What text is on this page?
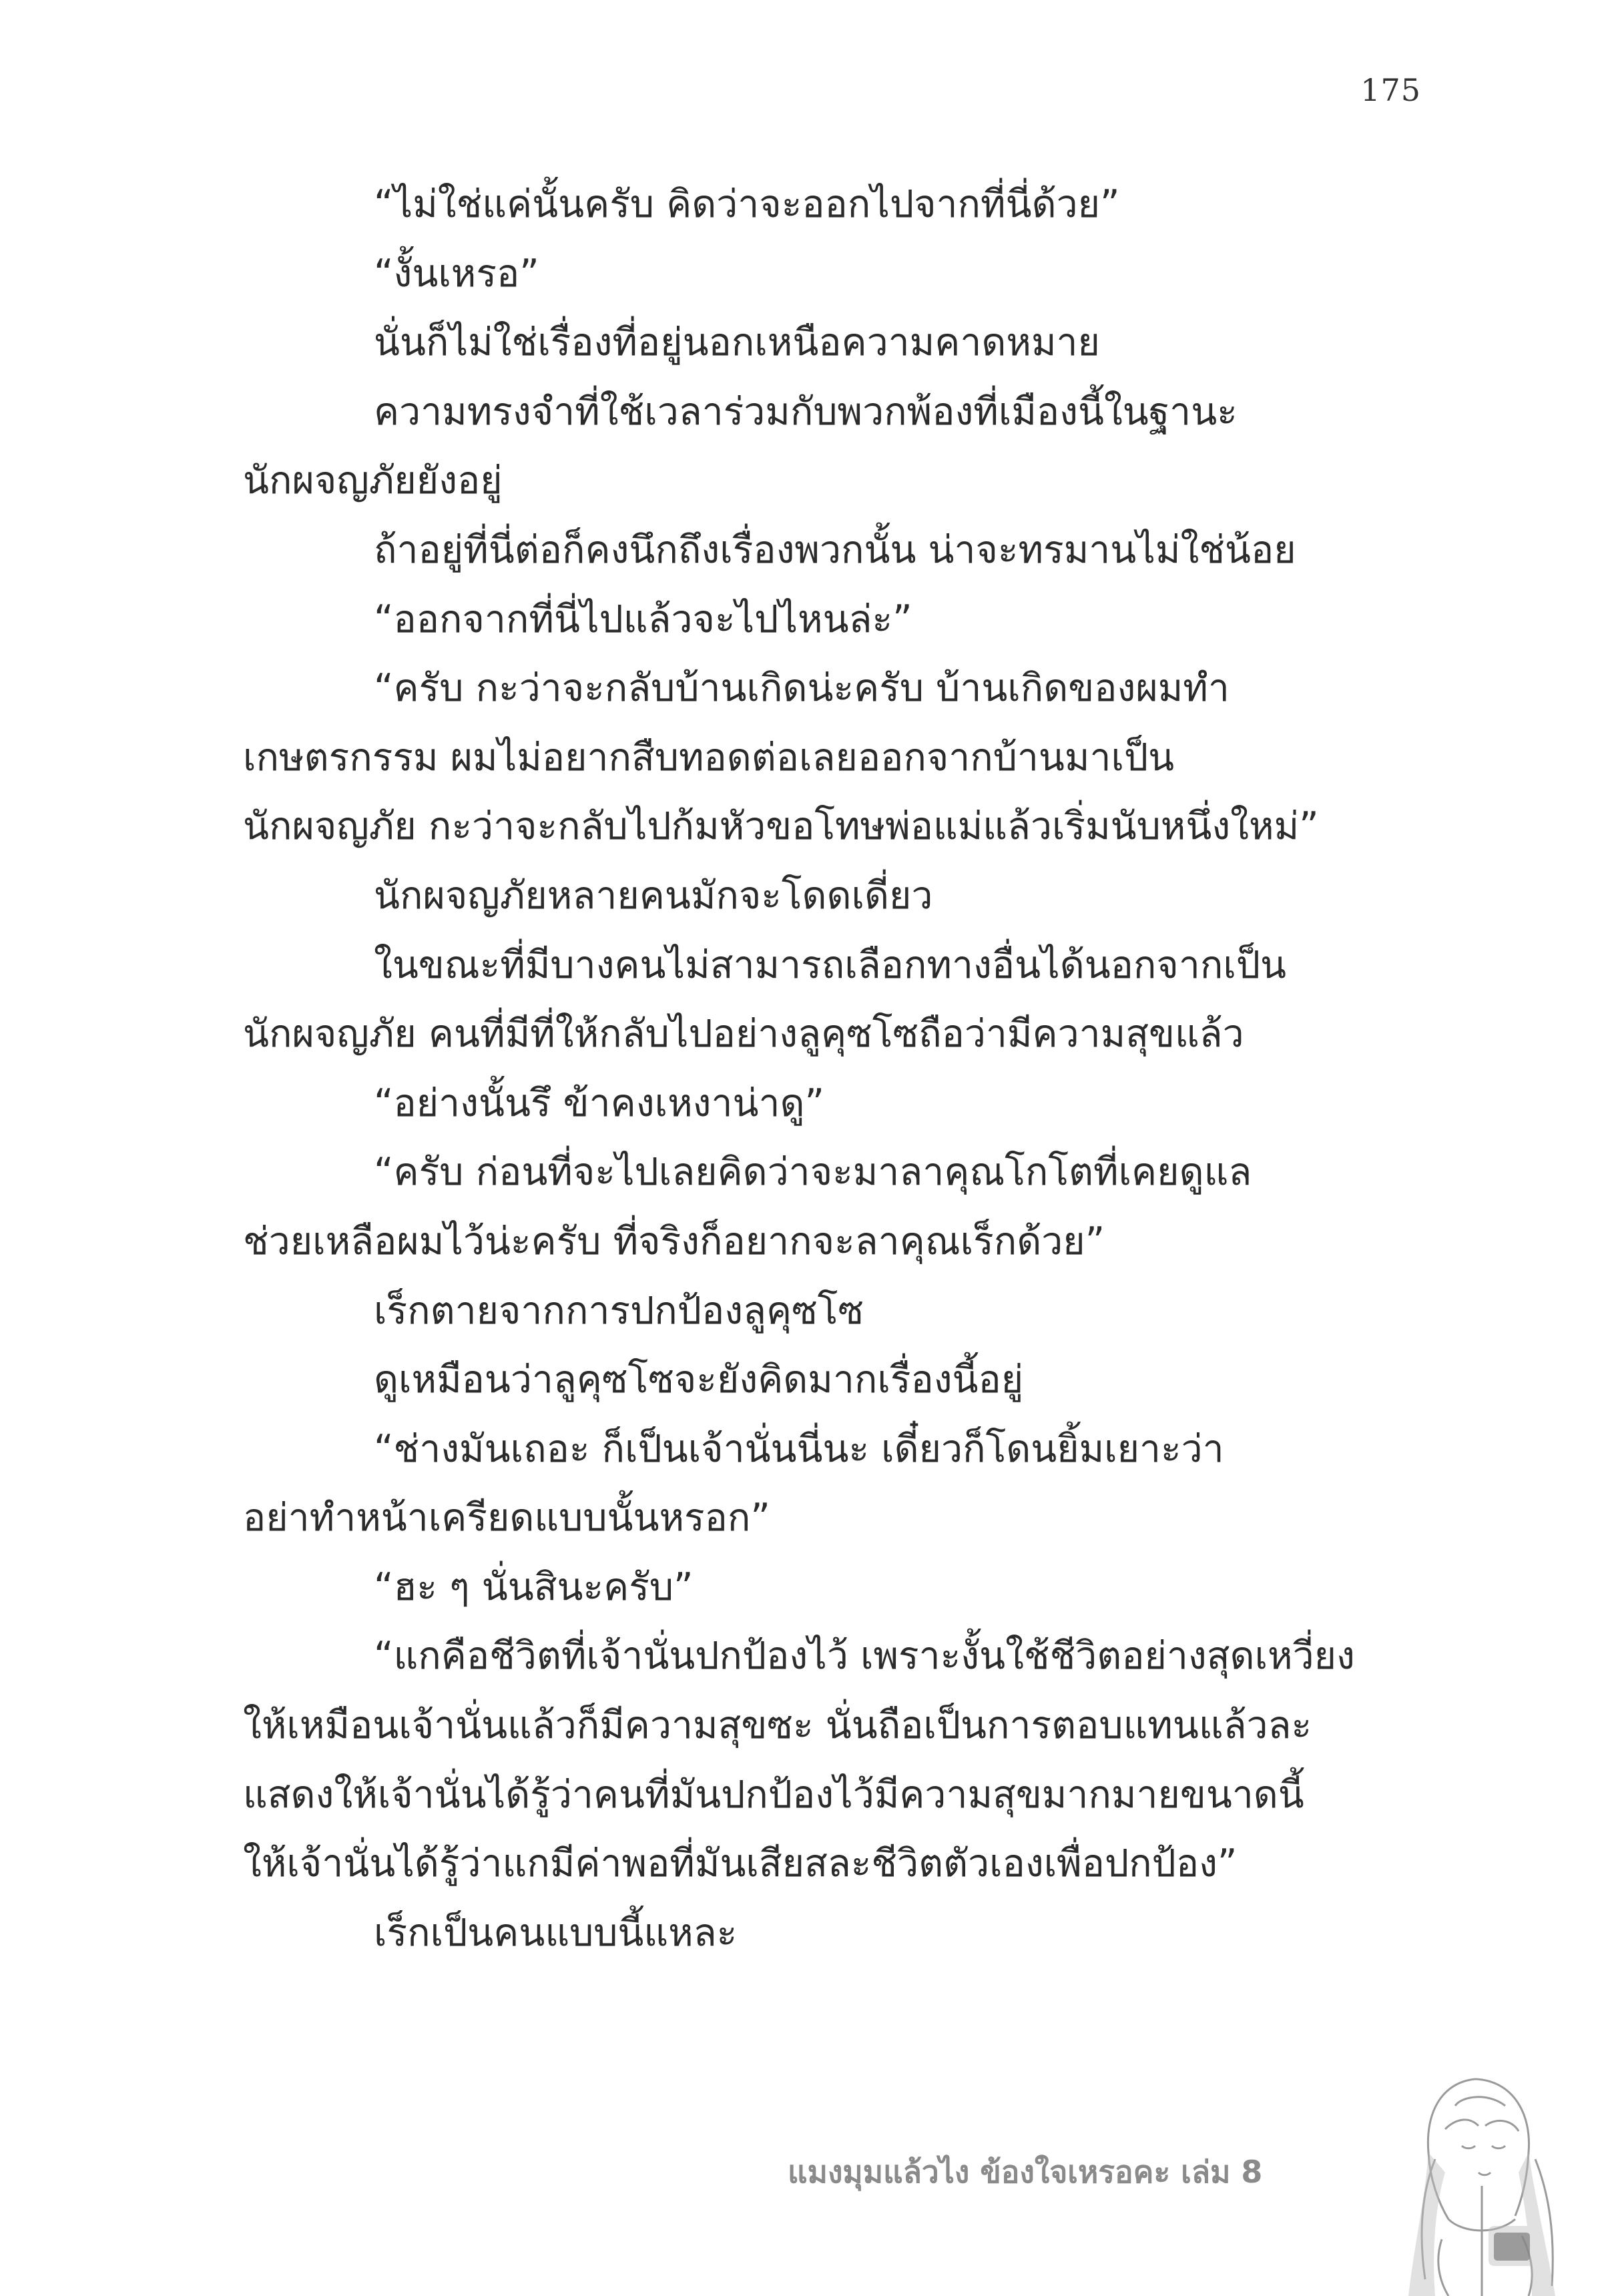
175
“ไม่ใช่แค่นั้นครับ คิดว่าจะออกไปจากที่นี่ด้วย”
“งั้นเหรอ”
นั่นก็ไม่ใช่เรื่องที่อยู่นอกเหนือความคาดหมาย
ความทรงจำที่ใช้เวลาร่วมกับพวกพ้องที่เมืองนี้ในฐานะ
นักผจญภัยยังอยู่
ถ้าอยู่ที่นี่ต่อก็คงนึกถึงเรื่องพวกนั้น น่าจะทรมานไม่ใช่น้อย
“ออกจากที่นี่ไปแล้วจะไปไหนล่ะ”
“ครับ กะว่าจะกลับบ้านเกิดน่ะครับ บ้านเกิดของผมทำ
เกษตรกรรม ผมไม่อยากสืบทอดต่อเลยออกจากบ้านมาเป็น
นักผจญภัย กะว่าจะกลับไปก้มหัวขอโทษพ่อแม่แล้วเริ่มนับหนึ่งใหม่”
นักผจญภัยหลายคนมักจะโดดเดี่ยว
ในขณะที่มีบางคนไม่สามารถเลือกทางอื่นได้นอกจากเป็น
นักผจญภัย คนที่มีที่ให้กลับไปอย่างลูคุซโซถือว่ามีความสุขแล้ว
“อย่างนั้นรึ ข้าคงเหงาน่าดู”
“ครับ ก่อนที่จะไปเลยคิดว่าจะมาลาคุณโกโตที่เคยดูแล
ช่วยเหลือผมไว้น่ะครับ ที่จริงก็อยากจะลาคุณเร็กด้วย”
เร็กตายจากการปกป้องลูคุซโซ
ดูเหมือนว่าลูคุซโซจะยังคิดมากเรื่องนี้อยู่
“ช่างมันเถอะ ก็เป็นเจ้านั่นนี่นะ เดี๋ยวก็โดนยิ้มเยาะว่า
อย่าทำหน้าเครียดแบบนั้นหรอก”
“ฮะ ๆ นั่นสินะครับ”
“แกคือชีวิตที่เจ้านั่นปกป้องไว้ เพราะงั้นใช้ชีวิตอย่างสุดเหวี่ยง
ให้เหมือนเจ้านั่นแล้วก็มีความสุขซะ นั่นถือเป็นการตอบแทนแล้วละ
แสดงให้เจ้านั่นได้รู้ว่าคนที่มันปกป้องไว้มีความสุขมากมายขนาดนี้
ให้เจ้านั่นได้รู้ว่าแกมีค่าพอที่มันเสียสละชีวิตตัวเองเพื่อปกป้อง”
เร็กเป็นคนแบบนี้แหละ
แมงมุมแล้วไง ข้องใจเหรอคะ เล่ม 8
